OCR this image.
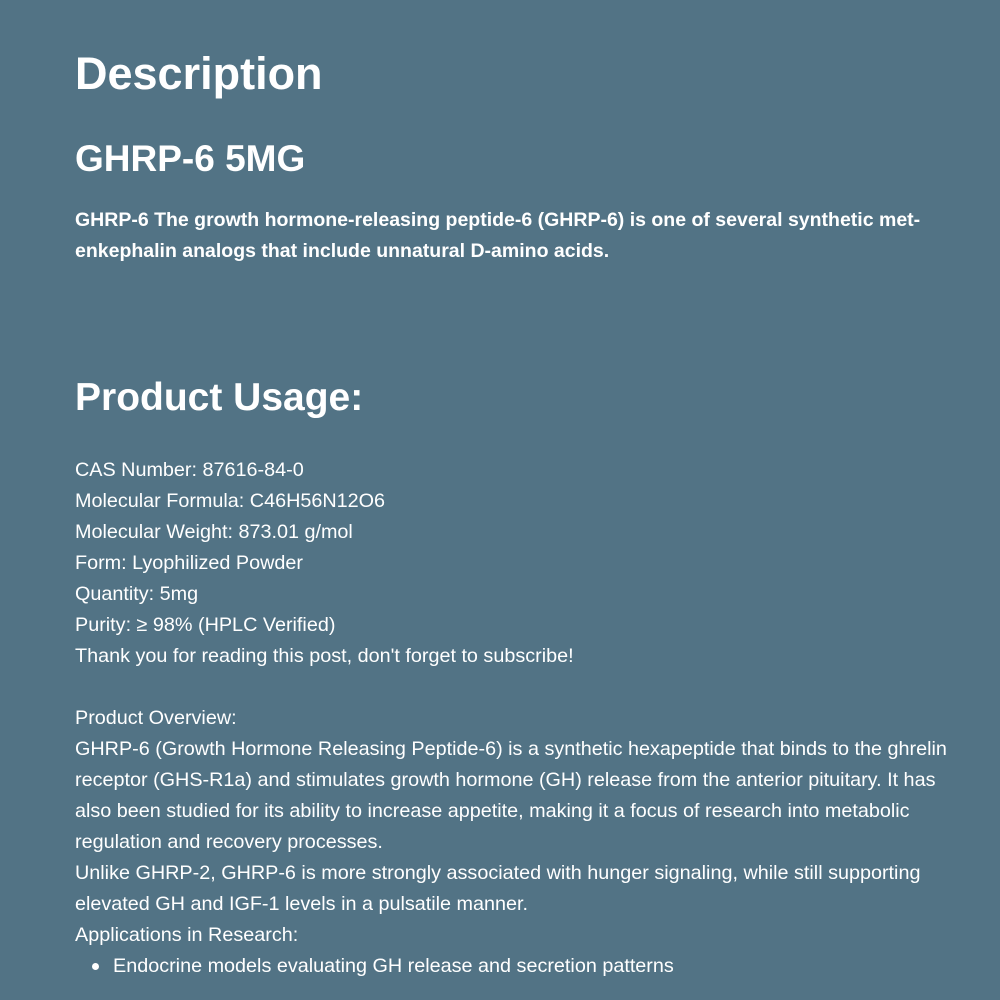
Description
GHRP-6 5MG

GHRP-6 The growth hormone-releasing peptide-6 (GHRP-6) is one of several synthetic met-enkephalin analogs that include unnatural D-amino acids.

Product Usage:
CAS Number: 87616-84-0
Molecular Formula: C46H56N12O6
Molecular Weight: 873.01 g/mol
Form: Lyophilized Powder
Quantity: 5mg
Purity: ≥ 98% (HPLC Verified)
Thank you for reading this post, don't forget to subscribe!
Product Overview:
GHRP-6 (Growth Hormone Releasing Peptide-6) is a synthetic hexapeptide that binds to the ghrelin receptor (GHS-R1a) and stimulates growth hormone (GH) release from the anterior pituitary. It has also been studied for its ability to increase appetite, making it a focus of research into metabolic regulation and recovery processes.
Unlike GHRP-2, GHRP-6 is more strongly associated with hunger signaling, while still supporting elevated GH and IGF-1 levels in a pulsatile manner.
Applications in Research:
Endocrine models evaluating GH release and secretion patterns
